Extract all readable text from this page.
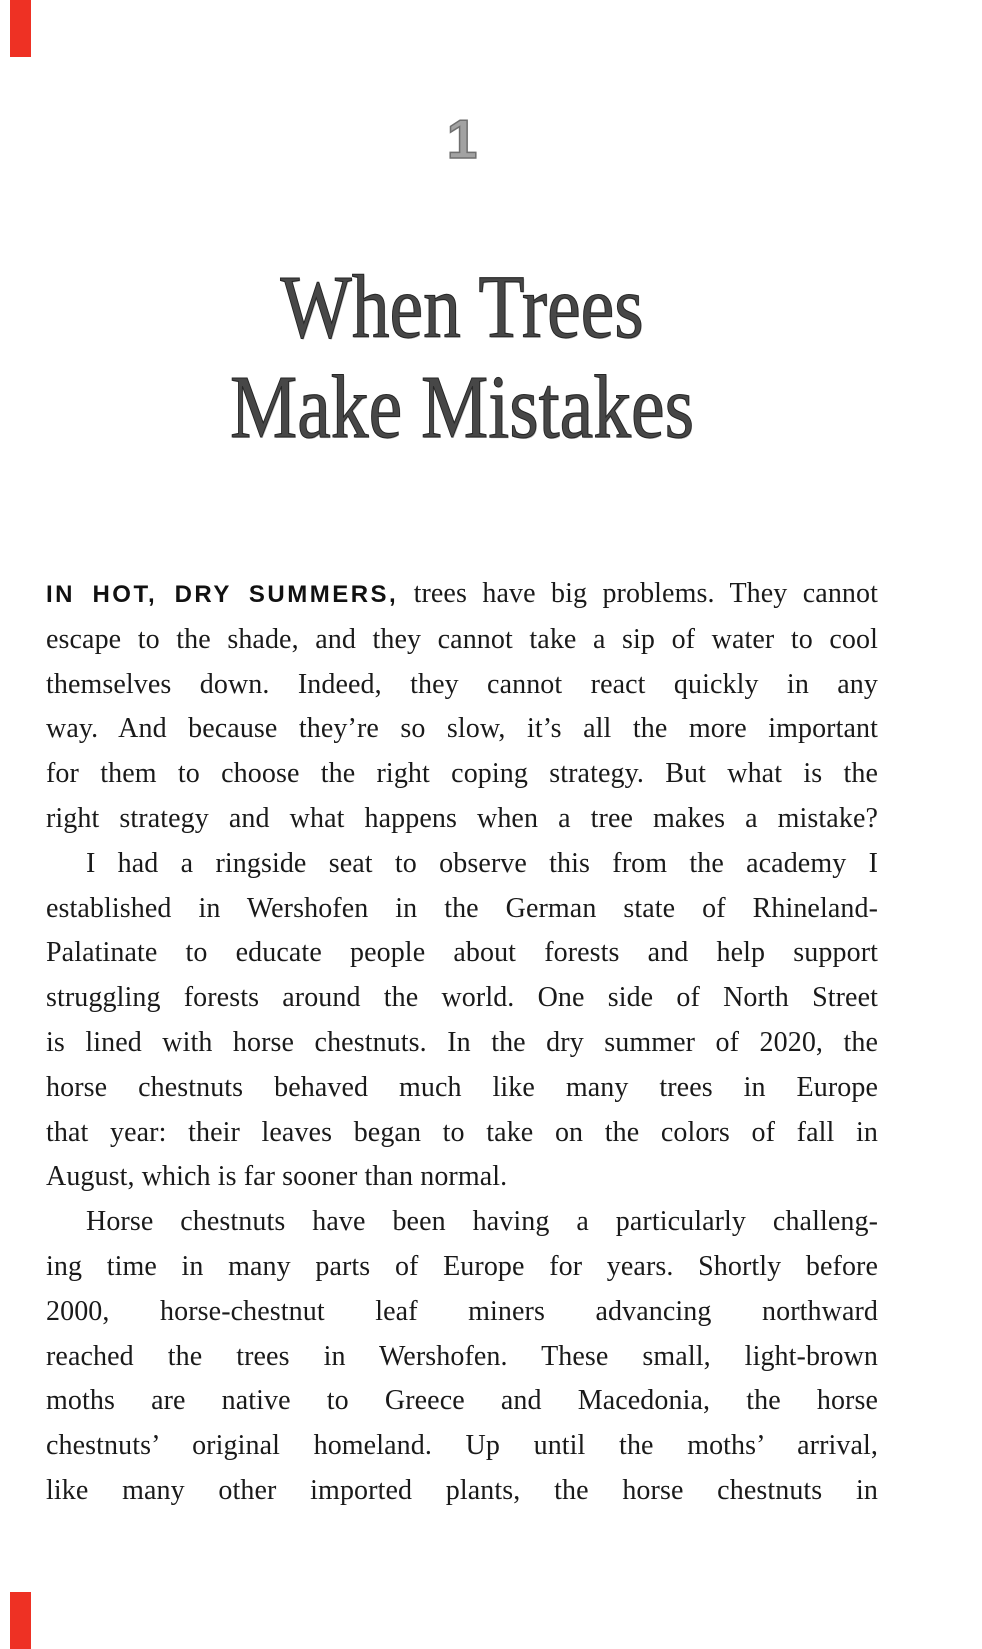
1
When Trees
Make Mistakes
IN HOT, DRY SUMMERS, trees have big problems. They cannot
escape to the shade, and they cannot take a sip of water to cool
themselves down. Indeed, they cannot react quickly in any
way. And because they’re so slow, it’s all the more important
for them to choose the right coping strategy. But what is the
right strategy and what happens when a tree makes a mistake?
I had a ringside seat to observe this from the academy I
established in Wershofen in the German state of Rhineland-
Palatinate to educate people about forests and help support
struggling forests around the world. One side of North Street
is lined with horse chestnuts. In the dry summer of 2020, the
horse chestnuts behaved much like many trees in Europe
that year: their leaves began to take on the colors of fall in
August, which is far sooner than normal.
Horse chestnuts have been having a particularly challeng-
ing time in many parts of Europe for years. Shortly before
2000, horse-chestnut leaf miners advancing northward
reached the trees in Wershofen. These small, light-brown
moths are native to Greece and Macedonia, the horse
chestnuts’ original homeland. Up until the moths’ arrival,
like many other imported plants, the horse chestnuts in
